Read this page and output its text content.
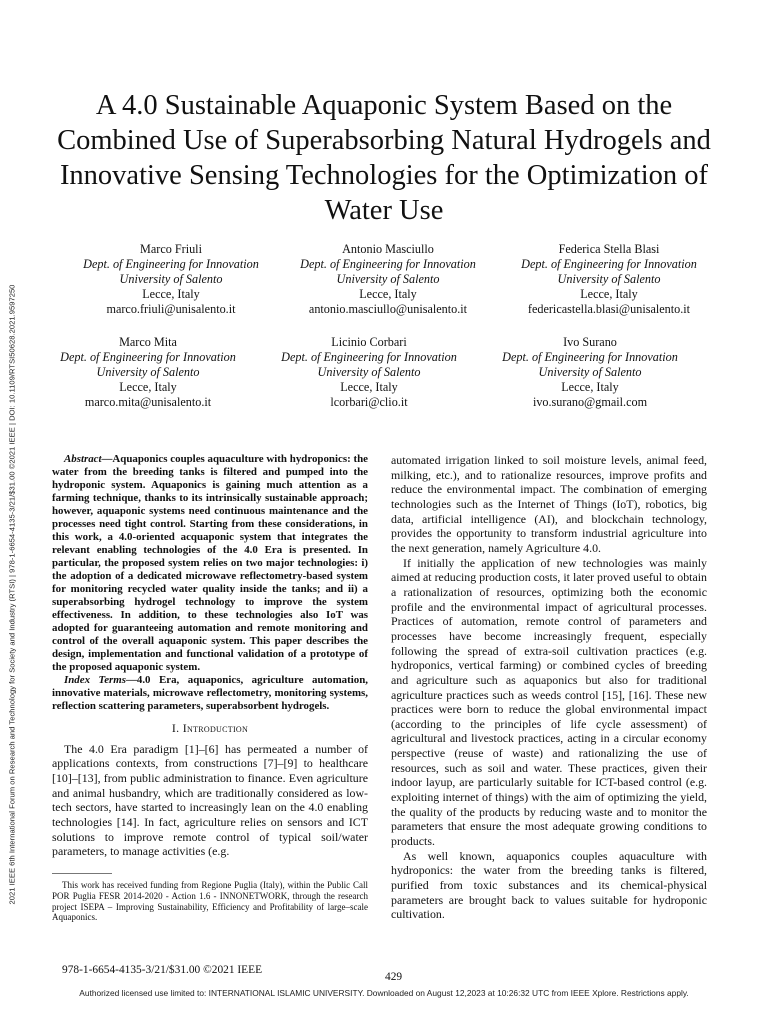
2021 IEEE 6th International Forum on Research and Technology for Society and Industry (RTSI) | 978-1-6654-4135-3/21/$31.00 ©2021 IEEE | DOI: 10.1109/RTSI50628.2021.9597250
A 4.0 Sustainable Aquaponic System Based on the Combined Use of Superabsorbing Natural Hydrogels and Innovative Sensing Technologies for the Optimization of Water Use
Marco Friuli
Dept. of Engineering for Innovation
University of Salento
Lecce, Italy
marco.friuli@unisalento.it
Antonio Masciullo
Dept. of Engineering for Innovation
University of Salento
Lecce, Italy
antonio.masciullo@unisalento.it
Federica Stella Blasi
Dept. of Engineering for Innovation
University of Salento
Lecce, Italy
federicastella.blasi@unisalento.it
Marco Mita
Dept. of Engineering for Innovation
University of Salento
Lecce, Italy
marco.mita@unisalento.it
Licinio Corbari
Dept. of Engineering for Innovation
University of Salento
Lecce, Italy
lcorbari@clio.it
Ivo Surano
Dept. of Engineering for Innovation
University of Salento
Lecce, Italy
ivo.surano@gmail.com

Abstract—Aquaponics couples aquaculture with hydroponics: the water from the breeding tanks is filtered and pumped into the hydroponic system. Aquaponics is gaining much attention as a farming technique, thanks to its intrinsically sustainable approach; however, aquaponic systems need continuous maintenance and the processes need tight control. Starting from these considerations, in this work, a 4.0-oriented acquaponic system that integrates the relevant enabling technologies of the 4.0 Era is presented. In particular, the proposed system relies on two major technologies: i) the adoption of a dedicated microwave reflectometry-based system for monitoring recycled water quality inside the tanks; and ii) a superabsorbing hydrogel technology to improve the system effectiveness. In addition, to these technologies also IoT was adopted for guaranteeing automation and remote monitoring and control of the overall aquaponic system. This paper describes the design, implementation and functional validation of a prototype of the proposed aquaponic system.

Index Terms—4.0 Era, aquaponics, agriculture automation, innovative materials, microwave reflectometry, monitoring systems, reflection scattering parameters, superabsorbent hydrogels.

I. Introduction

The 4.0 Era paradigm [1]–[6] has permeated a number of applications contexts, from constructions [7]–[9] to healthcare [10]–[13], from public administration to finance. Even agriculture and animal husbandry, which are traditionally considered as low-tech sectors, have started to increasingly lean on the 4.0 enabling technologies [14]. In fact, agriculture relies on sensors and ICT solutions to improve remote control of typical soil/water parameters, to manage activities (e.g.

This work has received funding from Regione Puglia (Italy), within the Public Call POR Puglia FESR 2014-2020 - Action 1.6 - INNONETWORK, through the research project ISEPA – Improving Sustainability, Efficiency and Profitability of large–scale Aquaponics.

automated irrigation linked to soil moisture levels, animal feed, milking, etc.), and to rationalize resources, improve profits and reduce the environmental impact. The combination of emerging technologies such as the Internet of Things (IoT), robotics, big data, artificial intelligence (AI), and blockchain technology, provides the opportunity to transform industrial agriculture into the next generation, namely Agriculture 4.0.

If initially the application of new technologies was mainly aimed at reducing production costs, it later proved useful to obtain a rationalization of resources, optimizing both the economic profile and the environmental impact of agricultural processes. Practices of automation, remote control of parameters and processes have become increasingly frequent, especially following the spread of extra-soil cultivation practices (e.g. hydroponics, vertical farming) or combined cycles of breeding and agriculture such as aquaponics but also for traditional agriculture practices such as weeds control [15], [16]. These new practices were born to reduce the global environmental impact (according to the principles of life cycle assessment) of agricultural and livestock practices, acting in a circular economy perspective (reuse of waste) and rationalizing the use of resources, such as soil and water. These practices, given their indoor layup, are particularly suitable for ICT-based control (e.g. exploiting internet of things) with the aim of optimizing the yield, the quality of the products by reducing waste and to monitor the parameters that ensure the most adequate growing conditions to products.

As well known, aquaponics couples aquaculture with hydroponics: the water from the breeding tanks is filtered, purified from toxic substances and its chemical-physical parameters are brought back to values suitable for hydroponic cultivation.

978-1-6654-4135-3/21/$31.00 ©2021 IEEE
429
Authorized licensed use limited to: INTERNATIONAL ISLAMIC UNIVERSITY. Downloaded on August 12,2023 at 10:26:32 UTC from IEEE Xplore. Restrictions apply.
